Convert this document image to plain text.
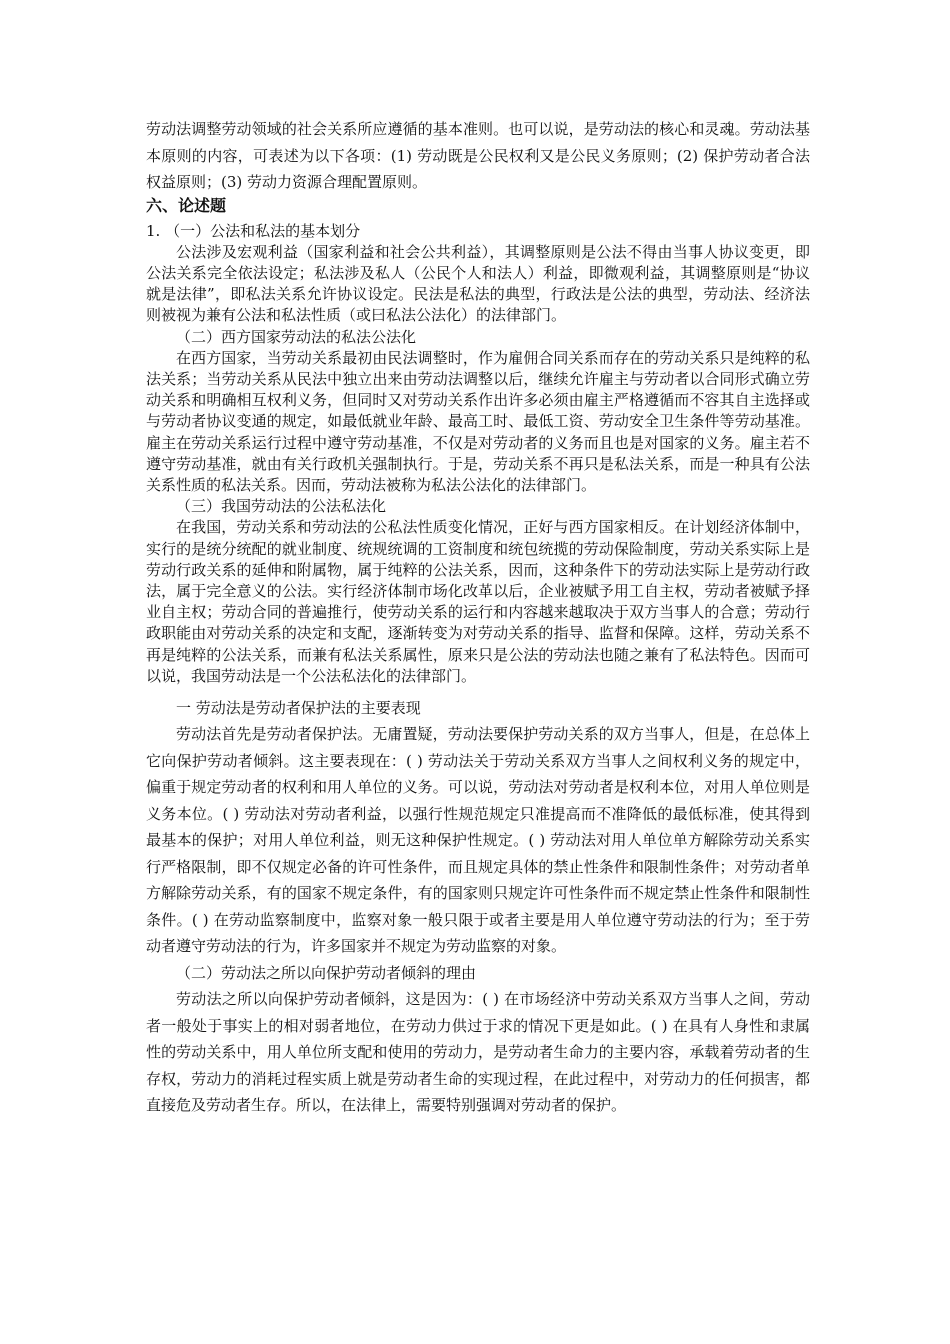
劳动法调整劳动领域的社会关系所应遵循的基本准则。也可以说，是劳动法的核心和灵魂。劳动法基本原则的内容，可表述为以下各项：(1) 劳动既是公民权利又是公民义务原则；(2) 保护劳动者合法权益原则；(3) 劳动力资源合理配置原则。

六、论述题

1. （一）公法和私法的基本划分

公法涉及宏观利益（国家利益和社会公共利益），其调整原则是公法不得由当事人协议变更，即公法关系完全依法设定；私法涉及私人（公民个人和法人）利益，即微观利益，其调整原则是“协议就是法律”，即私法关系允许协议设定。民法是私法的典型，行政法是公法的典型，劳动法、经济法则被视为兼有公法和私法性质（或曰私法公法化）的法律部门。

（二）西方国家劳动法的私法公法化

在西方国家，当劳动关系最初由民法调整时，作为雇佣合同关系而存在的劳动关系只是纯粹的私法关系；当劳动关系从民法中独立出来由劳动法调整以后，继续允许雇主与劳动者以合同形式确立劳动关系和明确相互权利义务，但同时又对劳动关系作出许多必须由雇主严格遵循而不容其自主选择或与劳动者协议变通的规定，如最低就业年龄、最高工时、最低工资、劳动安全卫生条件等劳动基准。雇主在劳动关系运行过程中遵守劳动基准，不仅是对劳动者的义务而且也是对国家的义务。雇主若不遵守劳动基准，就由有关行政机关强制执行。于是，劳动关系不再只是私法关系，而是一种具有公法关系性质的私法关系。因而，劳动法被称为私法公法化的法律部门。

（三）我国劳动法的公法私法化

在我国，劳动关系和劳动法的公私法性质变化情况，正好与西方国家相反。在计划经济体制中，实行的是统分统配的就业制度、统规统调的工资制度和统包统揽的劳动保险制度，劳动关系实际上是劳动行政关系的延伸和附属物，属于纯粹的公法关系，因而，这种条件下的劳动法实际上是劳动行政法，属于完全意义的公法。实行经济体制市场化改革以后，企业被赋予用工自主权，劳动者被赋予择业自主权；劳动合同的普遍推行，使劳动关系的运行和内容越来越取决于双方当事人的合意；劳动行政职能由对劳动关系的决定和支配，逐渐转变为对劳动关系的指导、监督和保障。这样，劳动关系不再是纯粹的公法关系，而兼有私法关系属性，原来只是公法的劳动法也随之兼有了私法特色。因而可以说，我国劳动法是一个公法私法化的法律部门。

一 劳动法是劳动者保护法的主要表现

劳动法首先是劳动者保护法。无庸置疑，劳动法要保护劳动关系的双方当事人，但是，在总体上它向保护劳动者倾斜。这主要表现在：( ) 劳动法关于劳动关系双方当事人之间权利义务的规定中，偏重于规定劳动者的权利和用人单位的义务。可以说，劳动法对劳动者是权利本位，对用人单位则是义务本位。( ) 劳动法对劳动者利益，以强行性规范规定只准提高而不准降低的最低标准，使其得到最基本的保护；对用人单位利益，则无这种保护性规定。( ) 劳动法对用人单位单方解除劳动关系实行严格限制，即不仅规定必备的许可性条件，而且规定具体的禁止性条件和限制性条件；对劳动者单方解除劳动关系，有的国家不规定条件，有的国家则只规定许可性条件而不规定禁止性条件和限制性条件。( ) 在劳动监察制度中，监察对象一般只限于或者主要是用人单位遵守劳动法的行为；至于劳动者遵守劳动法的行为，许多国家并不规定为劳动监察的对象。

（二）劳动法之所以向保护劳动者倾斜的理由

劳动法之所以向保护劳动者倾斜，这是因为：( ) 在市场经济中劳动关系双方当事人之间，劳动者一般处于事实上的相对弱者地位，在劳动力供过于求的情况下更是如此。( ) 在具有人身性和隶属性的劳动关系中，用人单位所支配和使用的劳动力，是劳动者生命力的主要内容，承载着劳动者的生存权，劳动力的消耗过程实质上就是劳动者生命的实现过程，在此过程中，对劳动力的任何损害，都直接危及劳动者生存。所以，在法律上，需要特别强调对劳动者的保护。
